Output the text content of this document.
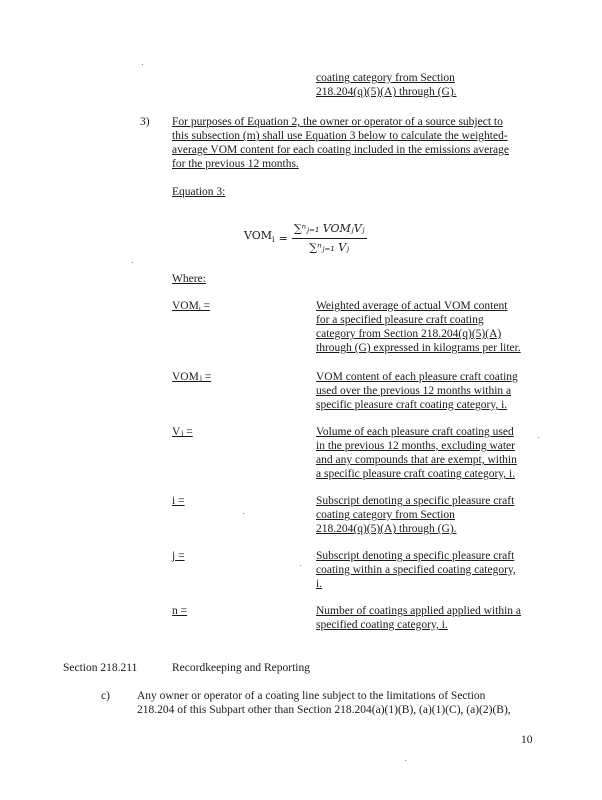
coating category from Section
218.204(q)(5)(A) through (G).
3) For purposes of Equation 2, the owner or operator of a source subject to
this subsection (m) shall use Equation 3 below to calculate the weighted-
average VOM content for each coating included in the emissions average
for the previous 12 months.
Equation 3:
$VOM_i = \frac{\text{∑ⁿⱼ₌₁ VOMⱼVⱼ}}{\text{∑ⁿⱼ₌₁ Vⱼ}}$
Where:
VOMᵢ =	Weighted average of actual VOM content
for a specified pleasure craft coating
category from Section 218.204(q)(5)(A)
through (G) expressed in kilograms per liter.
VOMⱼ =	VOM content of each pleasure craft coating
used over the previous 12 months within a
specific pleasure craft coating category, i.
Vⱼ =	Volume of each pleasure craft coating used
in the previous 12 months, excluding water
and any compounds that are exempt, within
a specific pleasure craft coating category, i.
i =	Subscript denoting a specific pleasure craft
coating category from Section
218.204(q)(5)(A) through (G).
j =	Subscript denoting a specific pleasure craft
coating within a specified coating category,
i.
n =	Number of coatings applied applied within a
specified coating category, i.
Section 218.211	Recordkeeping and Reporting
c) Any owner or operator of a coating line subject to the limitations of Section
218.204 of this Subpart other than Section 218.204(a)(1)(B), (a)(1)(C), (a)(2)(B),
10
